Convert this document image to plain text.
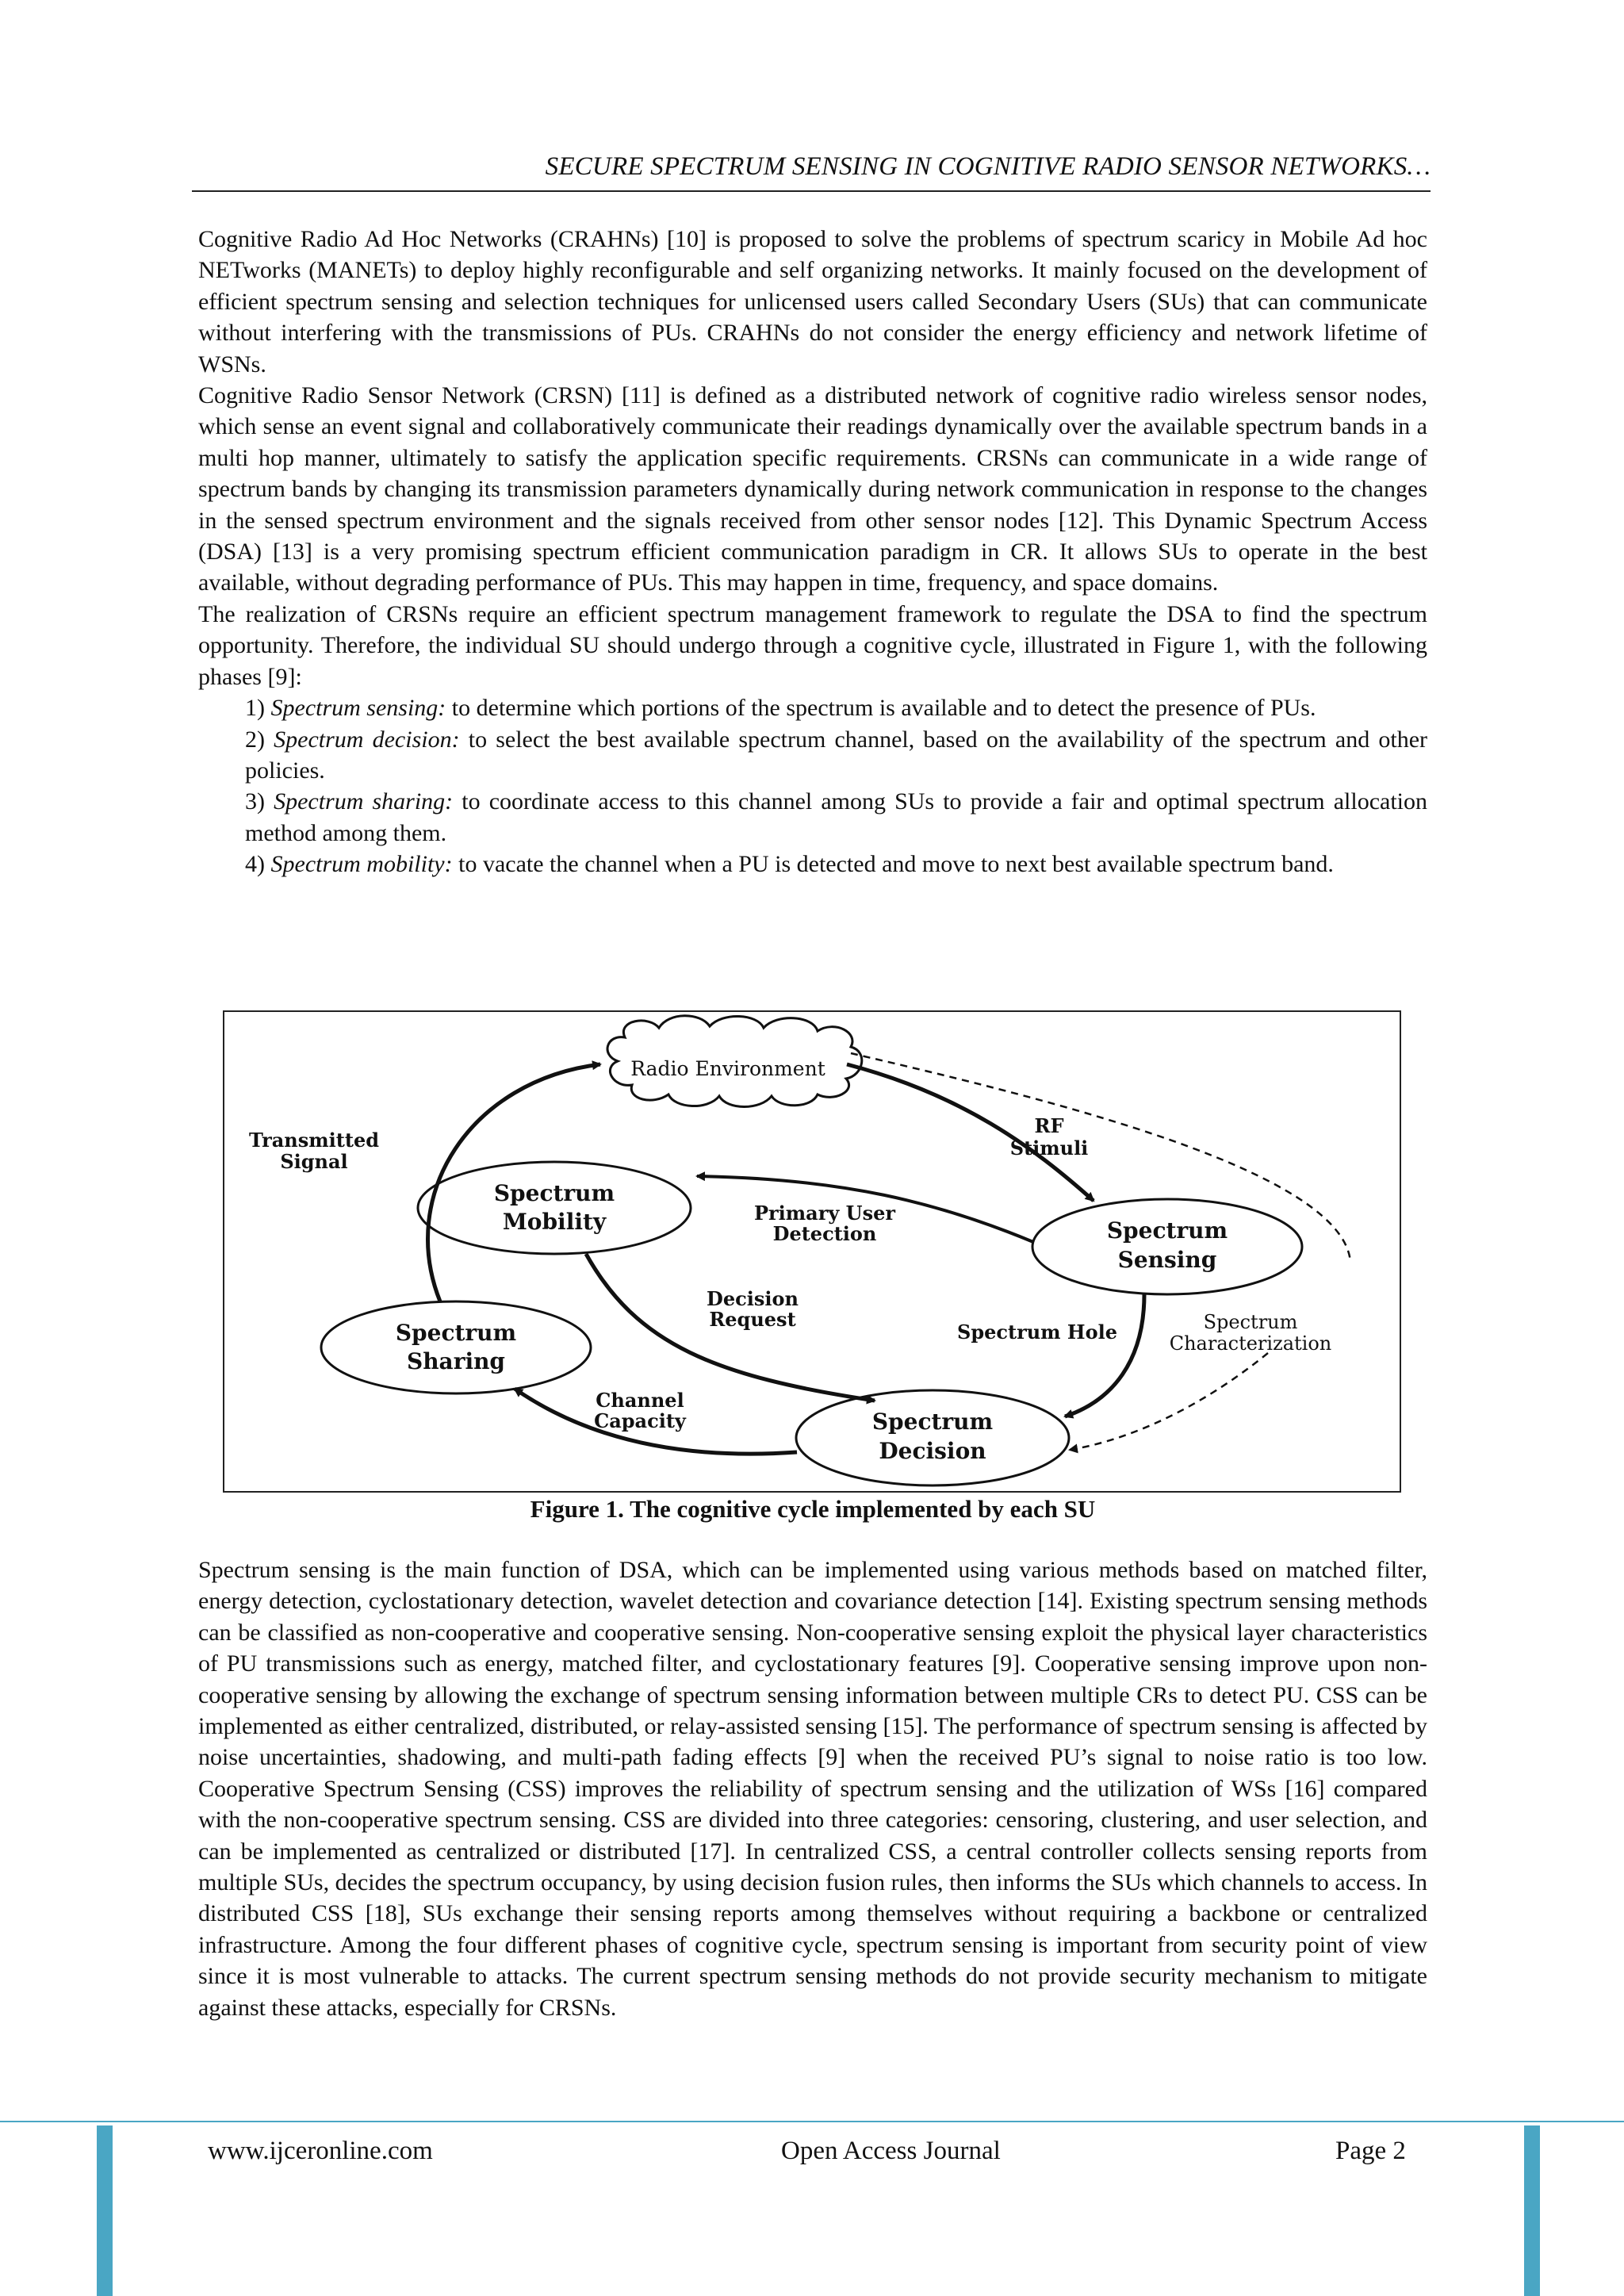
SECURE SPECTRUM SENSING IN COGNITIVE RADIO SENSOR NETWORKS…

Cognitive Radio Ad Hoc Networks (CRAHNs) [10] is proposed to solve the problems of spectrum scaricy in Mobile Ad hoc NETworks (MANETs) to deploy highly reconfigurable and self organizing networks. It mainly focused on the development of efficient spectrum sensing and selection techniques for unlicensed users called Secondary Users (SUs) that can communicate without interfering with the transmissions of PUs. CRAHNs do not consider the energy efficiency and network lifetime of WSNs.

Cognitive Radio Sensor Network (CRSN) [11] is defined as a distributed network of cognitive radio wireless sensor nodes, which sense an event signal and collaboratively communicate their readings dynamically over the available spectrum bands in a multi hop manner, ultimately to satisfy the application specific requirements. CRSNs can communicate in a wide range of spectrum bands by changing its transmission parameters dynamically during network communication in response to the changes in the sensed spectrum environment and the signals received from other sensor nodes [12]. This Dynamic Spectrum Access (DSA) [13] is a very promising spectrum efficient communication paradigm in CR. It allows SUs to operate in the best available, without degrading performance of PUs. This may happen in time, frequency, and space domains.

The realization of CRSNs require an efficient spectrum management framework to regulate the DSA to find the spectrum opportunity. Therefore, the individual SU should undergo through a cognitive cycle, illustrated in Figure 1, with the following phases [9]:

1) Spectrum sensing: to determine which portions of the spectrum is available and to detect the presence of PUs.

2) Spectrum decision: to select the best available spectrum channel, based on the availability of the spectrum and other policies.

3) Spectrum sharing: to coordinate access to this channel among SUs to provide a fair and optimal spectrum allocation method among them.

4) Spectrum mobility: to vacate the channel when a PU is detected and move to next best available spectrum band.

Radio Environment
Spectrum
Mobility	Spectrum
Sensing
Spectrum
Sharing
Spectrum
Decision
Transmitted
Signal
RF
Stimuli
Primary User
Detection
Decision
Request
Spectrum Hole	Spectrum
Characterization
Channel
Capacity
Figure 1. The cognitive cycle implemented by each SU

Spectrum sensing is the main function of DSA, which can be implemented using various methods based on matched filter, energy detection, cyclostationary detection, wavelet detection and covariance detection [14]. Existing spectrum sensing methods can be classified as non-cooperative and cooperative sensing. Non-cooperative sensing exploit the physical layer characteristics of PU transmissions such as energy, matched filter, and cyclostationary features [9]. Cooperative sensing improve upon non-cooperative sensing by allowing the exchange of spectrum sensing information between multiple CRs to detect PU. CSS can be implemented as either centralized, distributed, or relay-assisted sensing [15]. The performance of spectrum sensing is affected by noise uncertainties, shadowing, and multi-path fading effects [9] when the received PU’s signal to noise ratio is too low. Cooperative Spectrum Sensing (CSS) improves the reliability of spectrum sensing and the utilization of WSs [16] compared with the non-cooperative spectrum sensing. CSS are divided into three categories: censoring, clustering, and user selection, and can be implemented as centralized or distributed [17]. In centralized CSS, a central controller collects sensing reports from multiple SUs, decides the spectrum occupancy, by using decision fusion rules, then informs the SUs which channels to access. In distributed CSS [18], SUs exchange their sensing reports among themselves without requiring a backbone or centralized infrastructure. Among the four different phases of cognitive cycle, spectrum sensing is important from security point of view since it is most vulnerable to attacks. The current spectrum sensing methods do not provide security mechanism to mitigate against these attacks, especially for CRSNs.

www.ijceronline.com	Open Access Journal	Page 2
